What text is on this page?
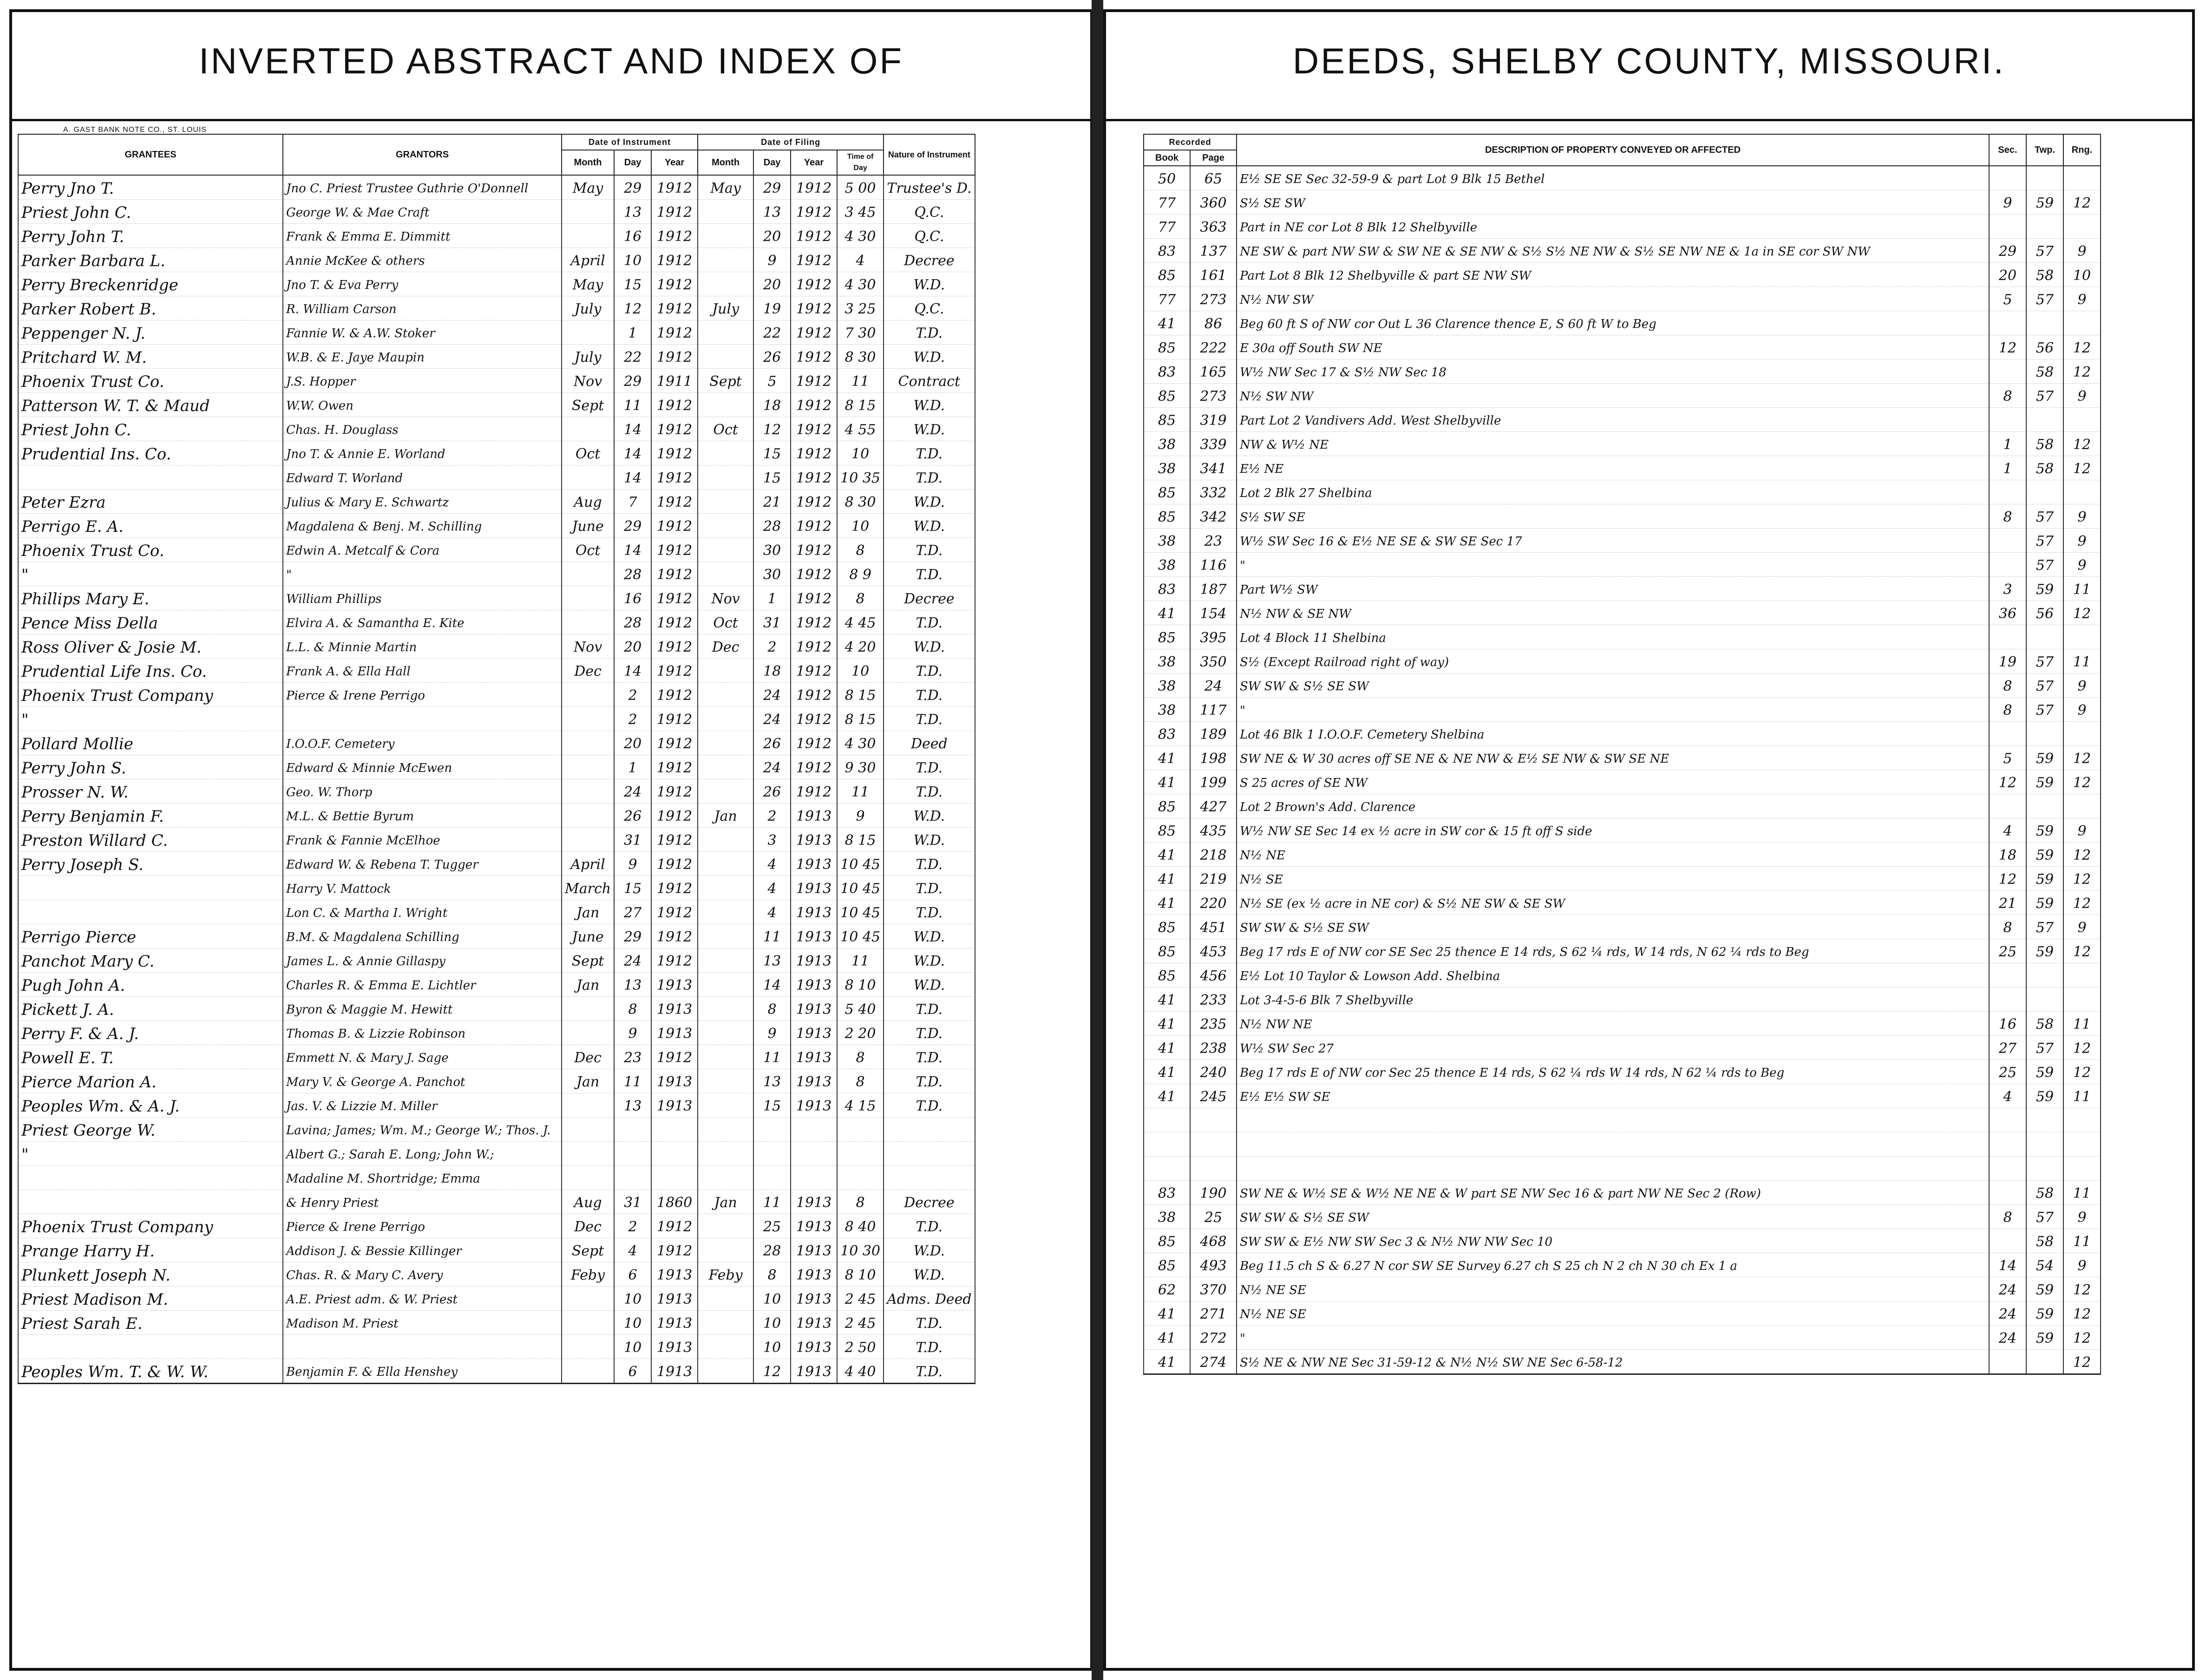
INVERTED ABSTRACT AND INDEX OF
A. GAST BANK NOTE CO., ST. LOUIS
GRANTEES	GRANTORS	Date of Instrument			Date of Filing				Nature of Instrument
		Month	Day	Year	Month	Day	Year	Time of Day	
Perry Jno T.	Jno C. Priest Trustee Guthrie O'Donnell	May	29	1912	May	29	1912	5 00	Trustee's D.
Priest John C.	George W. & Mae Craft		13	1912		13	1912	3 45	Q.C.
Perry John T.	Frank & Emma E. Dimmitt		16	1912		20	1912	4 30	Q.C.
Parker Barbara L.	Annie McKee & others	April	10	1912		9	1912	4	Decree
Perry Breckenridge	Jno T. & Eva Perry	May	15	1912		20	1912	4 30	W.D.
Parker Robert B.	R. William Carson	July	12	1912	July	19	1912	3 25	Q.C.
Peppenger N. J.	Fannie W. & A.W. Stoker		1	1912		22	1912	7 30	T.D.
Pritchard W. M.	W.B. & E. Jaye Maupin	July	22	1912		26	1912	8 30	W.D.
Phoenix Trust Co.	J.S. Hopper	Nov	29	1911	Sept	5	1912	11	Contract
Patterson W. T. & Maud	W.W. Owen	Sept	11	1912		18	1912	8 15	W.D.
Priest John C.	Chas. H. Douglass		14	1912	Oct	12	1912	4 55	W.D.
Prudential Ins. Co.	Jno T. & Annie E. Worland	Oct	14	1912		15	1912	10	T.D.
	Edward T. Worland		14	1912		15	1912	10 35	T.D.
Peter Ezra	Julius & Mary E. Schwartz	Aug	7	1912		21	1912	8 30	W.D.
Perrigo E. A.	Magdalena & Benj. M. Schilling	June	29	1912		28	1912	10	W.D.
Phoenix Trust Co.	Edwin A. Metcalf & Cora	Oct	14	1912		30	1912	8	T.D.
"	"		28	1912		30	1912	8 9	T.D.
Phillips Mary E.	William Phillips		16	1912	Nov	1	1912	8	Decree
Pence Miss Della	Elvira A. & Samantha E. Kite		28	1912	Oct	31	1912	4 45	T.D.
Ross Oliver & Josie M.	L.L. & Minnie Martin	Nov	20	1912	Dec	2	1912	4 20	W.D.
Prudential Life Ins. Co.	Frank A. & Ella Hall	Dec	14	1912		18	1912	10	T.D.
Phoenix Trust Company	Pierce & Irene Perrigo		2	1912		24	1912	8 15	T.D.
"			2	1912		24	1912	8 15	T.D.
Pollard Mollie	I.O.O.F. Cemetery		20	1912		26	1912	4 30	Deed
Perry John S.	Edward & Minnie McEwen		1	1912		24	1912	9 30	T.D.
Prosser N. W.	Geo. W. Thorp		24	1912		26	1912	11	T.D.
Perry Benjamin F.	M.L. & Bettie Byrum		26	1912	Jan	2	1913	9	W.D.
Preston Willard C.	Frank & Fannie McElhoe		31	1912		3	1913	8 15	W.D.
Perry Joseph S.	Edward W. & Rebena T. Tugger	April	9	1912		4	1913	10 45	T.D.
	Harry V. Mattock	March	15	1912		4	1913	10 45	T.D.
	Lon C. & Martha I. Wright	Jan	27	1912		4	1913	10 45	T.D.
Perrigo Pierce	B.M. & Magdalena Schilling	June	29	1912		11	1913	10 45	W.D.
Panchot Mary C.	James L. & Annie Gillaspy	Sept	24	1912		13	1913	11	W.D.
Pugh John A.	Charles R. & Emma E. Lichtler	Jan	13	1913		14	1913	8 10	W.D.
Pickett J. A.	Byron & Maggie M. Hewitt		8	1913		8	1913	5 40	T.D.
Perry F. & A. J.	Thomas B. & Lizzie Robinson		9	1913		9	1913	2 20	T.D.
Powell E. T.	Emmett N. & Mary J. Sage	Dec	23	1912		11	1913	8	T.D.
Pierce Marion A.	Mary V. & George A. Panchot	Jan	11	1913		13	1913	8	T.D.
Peoples Wm. & A. J.	Jas. V. & Lizzie M. Miller		13	1913		15	1913	4 15	T.D.
Priest George W.	Lavina; James; Wm. M.; George W.; Thos. J.								
"	Albert G.; Sarah E. Long; John W.;								
	Madaline M. Shortridge; Emma								
	& Henry Priest	Aug	31	1860	Jan	11	1913	8	Decree
Phoenix Trust Company	Pierce & Irene Perrigo	Dec	2	1912		25	1913	8 40	T.D.
Prange Harry H.	Addison J. & Bessie Killinger	Sept	4	1912		28	1913	10 30	W.D.
Plunkett Joseph N.	Chas. R. & Mary C. Avery	Feby	6	1913	Feby	8	1913	8 10	W.D.
Priest Madison M.	A.E. Priest adm. & W. Priest		10	1913		10	1913	2 45	Adms. Deed
Priest Sarah E.	Madison M. Priest		10	1913		10	1913	2 45	T.D.
			10	1913		10	1913	2 50	T.D.
Peoples Wm. T. & W. W.	Benjamin F. & Ella Henshey		6	1913		12	1913	4 40	T.D.
DEEDS, SHELBY COUNTY, MISSOURI.
Recorded		DESCRIPTION OF PROPERTY CONVEYED OR AFFECTED	Sec.	Twp.	Rng.
Book	Page				
50	65	E½ SE SE Sec 32-59-9 & part Lot 9 Blk 15 Bethel			
77	360	S½ SE SW	9	59	12
77	363	Part in NE cor Lot 8 Blk 12 Shelbyville			
83	137	NE SW & part NW SW & SW NE & SE NW & S½ S½ NE NW & S½ SE NW NE & 1a in SE cor SW NW	29	57	9
85	161	Part Lot 8 Blk 12 Shelbyville & part SE NW SW	20	58	10
77	273	N½ NW SW	5	57	9
41	86	Beg 60 ft S of NW cor Out L 36 Clarence thence E, S 60 ft W to Beg			
85	222	E 30a off South SW NE	12	56	12
83	165	W½ NW Sec 17 & S½ NW Sec 18		58	12
85	273	N½ SW NW	8	57	9
85	319	Part Lot 2 Vandivers Add. West Shelbyville			
38	339	NW & W½ NE	1	58	12
38	341	E½ NE	1	58	12
85	332	Lot 2 Blk 27 Shelbina			
85	342	S½ SW SE	8	57	9
38	23	W½ SW Sec 16 & E½ NE SE & SW SE Sec 17		57	9
38	116	"		57	9
83	187	Part W½ SW	3	59	11
41	154	N½ NW & SE NW	36	56	12
85	395	Lot 4 Block 11 Shelbina			
38	350	S½ (Except Railroad right of way)	19	57	11
38	24	SW SW & S½ SE SW	8	57	9
38	117	"	8	57	9
83	189	Lot 46 Blk 1 I.O.O.F. Cemetery Shelbina			
41	198	SW NE & W 30 acres off SE NE & NE NW & E½ SE NW & SW SE NE	5	59	12
41	199	S 25 acres of SE NW	12	59	12
85	427	Lot 2 Brown's Add. Clarence			
85	435	W½ NW SE Sec 14 ex ½ acre in SW cor & 15 ft off S side	4	59	9
41	218	N½ NE	18	59	12
41	219	N½ SE	12	59	12
41	220	N½ SE (ex ½ acre in NE cor) & S½ NE SW & SE SW	21	59	12
85	451	SW SW & S½ SE SW	8	57	9
85	453	Beg 17 rds E of NW cor SE Sec 25 thence E 14 rds, S 62 ¼ rds, W 14 rds, N 62 ¼ rds to Beg	25	59	12
85	456	E½ Lot 10 Taylor & Lowson Add. Shelbina			
41	233	Lot 3-4-5-6 Blk 7 Shelbyville			
41	235	N½ NW NE	16	58	11
41	238	W½ SW Sec 27	27	57	12
41	240	Beg 17 rds E of NW cor Sec 25 thence E 14 rds, S 62 ¼ rds W 14 rds, N 62 ¼ rds to Beg	25	59	12
41	245	E½ E½ SW SE	4	59	11

83	190	SW NE & W½ SE & W½ NE NE & W part SE NW Sec 16 & part NW NE Sec 2 (Row)		58	11
38	25	SW SW & S½ SE SW	8	57	9
85	468	SW SW & E½ NW SW Sec 3 & N½ NW NW Sec 10		58	11
85	493	Beg 11.5 ch S & 6.27 N cor SW SE Survey 6.27 ch S 25 ch N 2 ch N 30 ch Ex 1 a	14	54	9
62	370	N½ NE SE	24	59	12
41	271	N½ NE SE	24	59	12
41	272	"	24	59	12
41	274	S½ NE & NW NE Sec 31-59-12 & N½ N½ SW NE Sec 6-58-12			12
